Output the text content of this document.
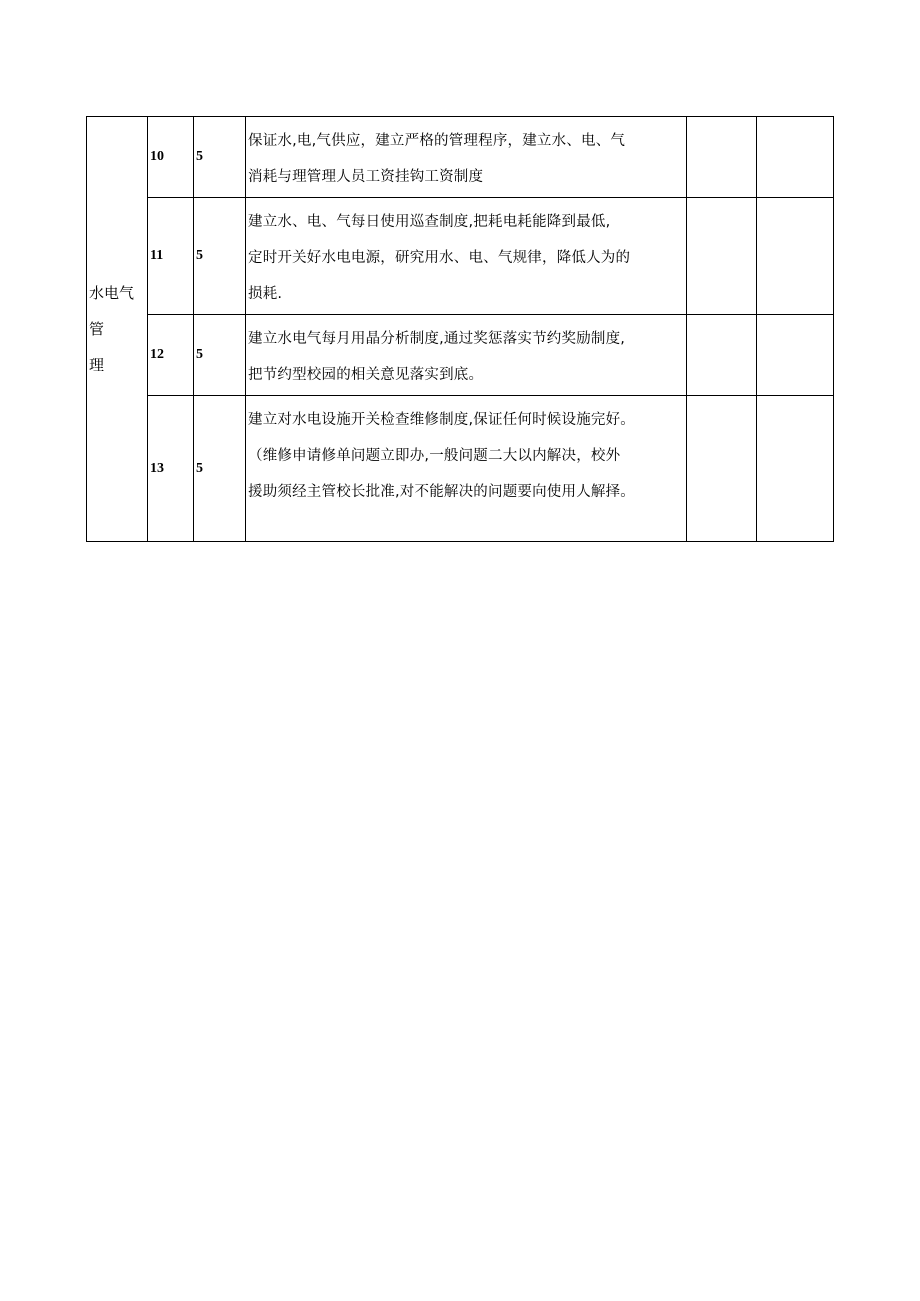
水电气
管
理	10	5	保证水,电,气供应，建立严格的管理程序，建立水、电、气
消耗与理管理人员工资挂钩工资制度		

	11	5	建立水、电、气每日使用巡查制度,把耗电耗能降到最低,
定时开关好水电电源，研究用水、电、气规律，降低人为的
损耗.		

	12	5	建立水电气每月用晶分析制度,通过奖惩落实节约奖励制度,
把节约型校园的相关意见落实到底。		

	13	5	建立对水电设施开关检查维修制度,保证任何时候设施完好。
（维修申请修单问题立即办,一般问题二大以内解决，校外
援助须经主管校长批准,对不能解决的问题要向使用人解择。		
